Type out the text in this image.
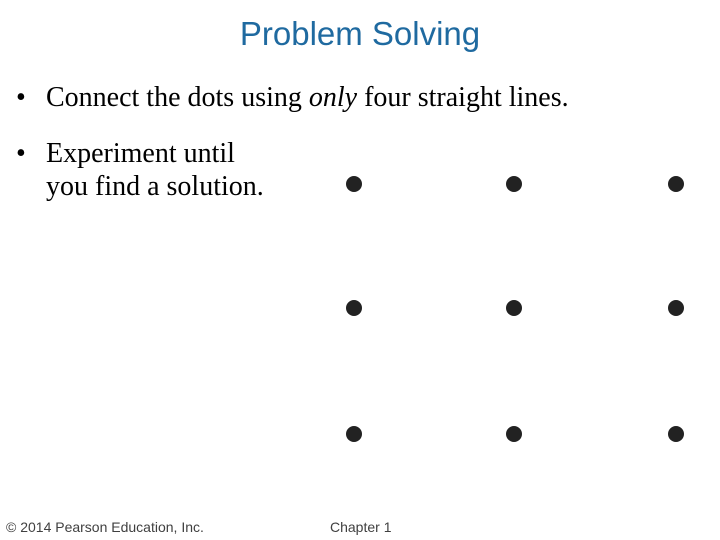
Problem Solving
• Connect the dots using only four straight lines.
• Experiment until
you find a solution.
© 2014 Pearson Education, Inc.	Chapter 1
